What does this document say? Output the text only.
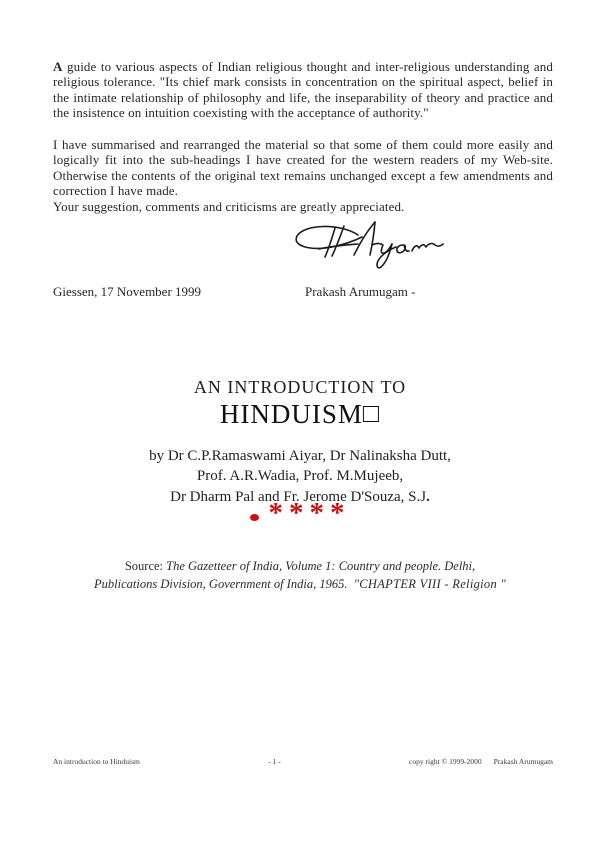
A guide to various aspects of Indian religious thought and inter-religious understanding and religious tolerance. "Its chief mark consists in concentration on the spiritual aspect, belief in the intimate relationship of philosophy and life, the inseparability of theory and practice and the insistence on intuition coexisting with the acceptance of authority."
I have summarised and rearranged the material so that some of them could more easily and logically fit into the sub-headings I have created for the western readers of my Web-site. Otherwise the contents of the original text remains unchanged except a few amendments and correction I have made.
Your suggestion, comments and criticisms are greatly appreciated.
Giessen, 17 November 1999	Prakash Arumugam -
AN INTRODUCTION TO
HINDUISM□
by Dr C.P.Ramaswami Aiyar, Dr Nalinaksha Dutt,
Prof. A.R.Wadia, Prof. M.Mujeeb,
Dr Dharm Pal and Fr. Jerome D'Souza, S.J.
****
Source: The Gazetteer of India, Volume 1: Country and people. Delhi,
Publications Division, Government of India, 1965. "CHAPTER VIII - Religion "
An introduction to Hinduism	- 1 -	copy right © 1999-2000 Prakash Arumugam
